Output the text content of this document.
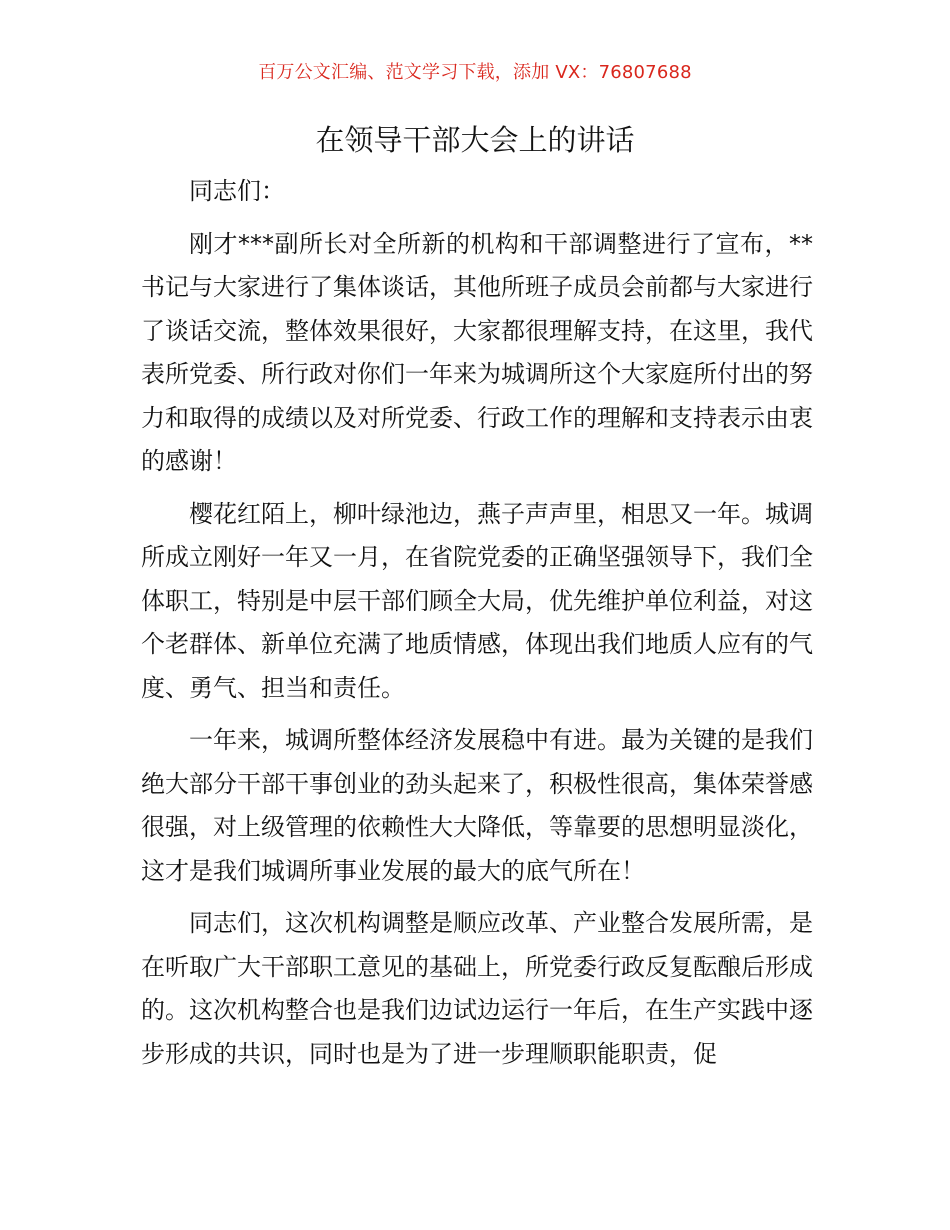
百万公文汇编、范文学习下载，添加 VX：76807688
在领导干部大会上的讲话

同志们：

刚才***副所长对全所新的机构和干部调整进行了宣布，**书记与大家进行了集体谈话，其他所班子成员会前都与大家进行了谈话交流，整体效果很好，大家都很理解支持，在这里，我代表所党委、所行政对你们一年来为城调所这个大家庭所付出的努力和取得的成绩以及对所党委、行政工作的理解和支持表示由衷的感谢！

樱花红陌上，柳叶绿池边，燕子声声里，相思又一年。城调所成立刚好一年又一月，在省院党委的正确坚强领导下，我们全体职工，特别是中层干部们顾全大局，优先维护单位利益，对这个老群体、新单位充满了地质情感，体现出我们地质人应有的气度、勇气、担当和责任。

一年来，城调所整体经济发展稳中有进。最为关键的是我们绝大部分干部干事创业的劲头起来了，积极性很高，集体荣誉感很强，对上级管理的依赖性大大降低，等靠要的思想明显淡化，这才是我们城调所事业发展的最大的底气所在！

同志们，这次机构调整是顺应改革、产业整合发展所需，是在听取广大干部职工意见的基础上，所党委行政反复酝酿后形成的。这次机构整合也是我们边试边运行一年后，在生产实践中逐步形成的共识，同时也是为了进一步理顺职能职责，促
